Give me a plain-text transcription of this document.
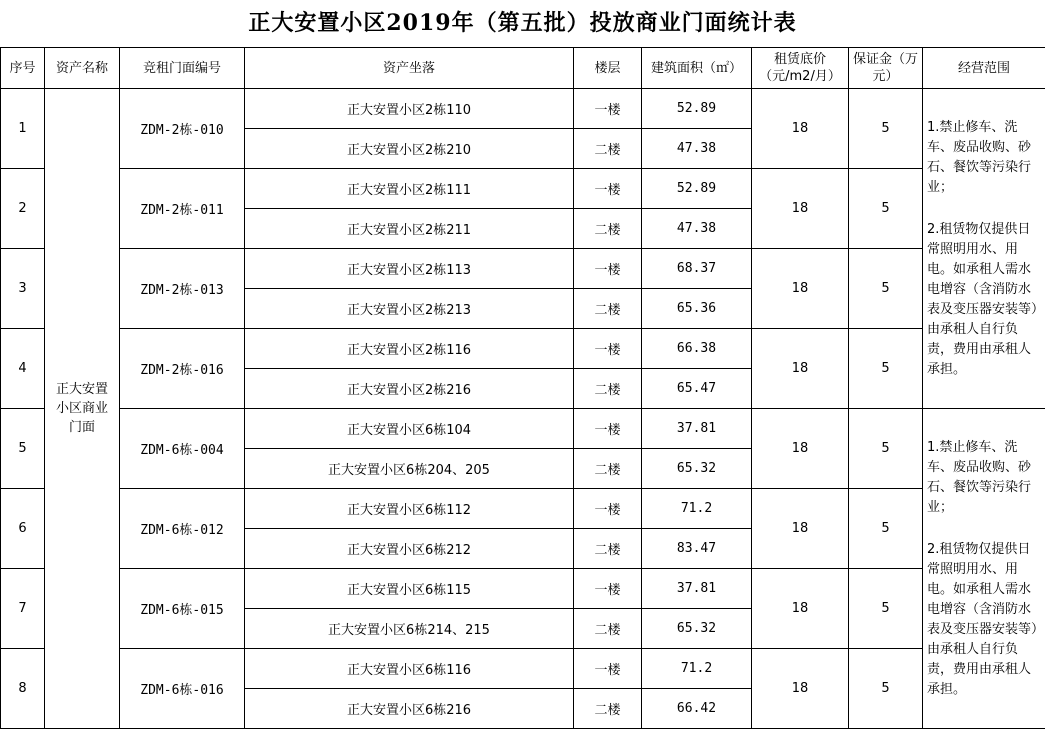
正大安置小区2019年（第五批）投放商业门面统计表
序号	资产名称	竞租门面编号	资产坐落	楼层	建筑面积（㎡）	租赁底价（元/m2/月）	保证金（万元）	经营范围
1	正大安置小区商业门面	ZDM-2栋-010	正大安置小区2栋110	一楼	52.89	18	5	1.禁止修车、洗车、废品收购、砂石、餐饮等污染行业；

2.租赁物仅提供日常照明用水、用电。如承租人需水电增容（含消防水表及变压器安装等）由承租人自行负责，费用由承租人承担。

			正大安置小区2栋210	二楼	47.38			
2		ZDM-2栋-011	正大安置小区2栋111	一楼	52.89	18	5	
			正大安置小区2栋211	二楼	47.38			
3		ZDM-2栋-013	正大安置小区2栋113	一楼	68.37	18	5	
			正大安置小区2栋213	二楼	65.36			
4		ZDM-2栋-016	正大安置小区2栋116	一楼	66.38	18	5	
			正大安置小区2栋216	二楼	65.47			
5		ZDM-6栋-004	正大安置小区6栋104	一楼	37.81	18	5	1.禁止修车、洗车、废品收购、砂石、餐饮等污染行业；

2.租赁物仅提供日常照明用水、用电。如承租人需水电增容（含消防水表及变压器安装等）由承租人自行负责，费用由承租人承担。

			正大安置小区6栋204、205	二楼	65.32			
6		ZDM-6栋-012	正大安置小区6栋112	一楼	71.2	18	5	
			正大安置小区6栋212	二楼	83.47			
7		ZDM-6栋-015	正大安置小区6栋115	一楼	37.81	18	5	
			正大安置小区6栋214、215	二楼	65.32			
8		ZDM-6栋-016	正大安置小区6栋116	一楼	71.2	18	5	
			正大安置小区6栋216	二楼	66.42			
